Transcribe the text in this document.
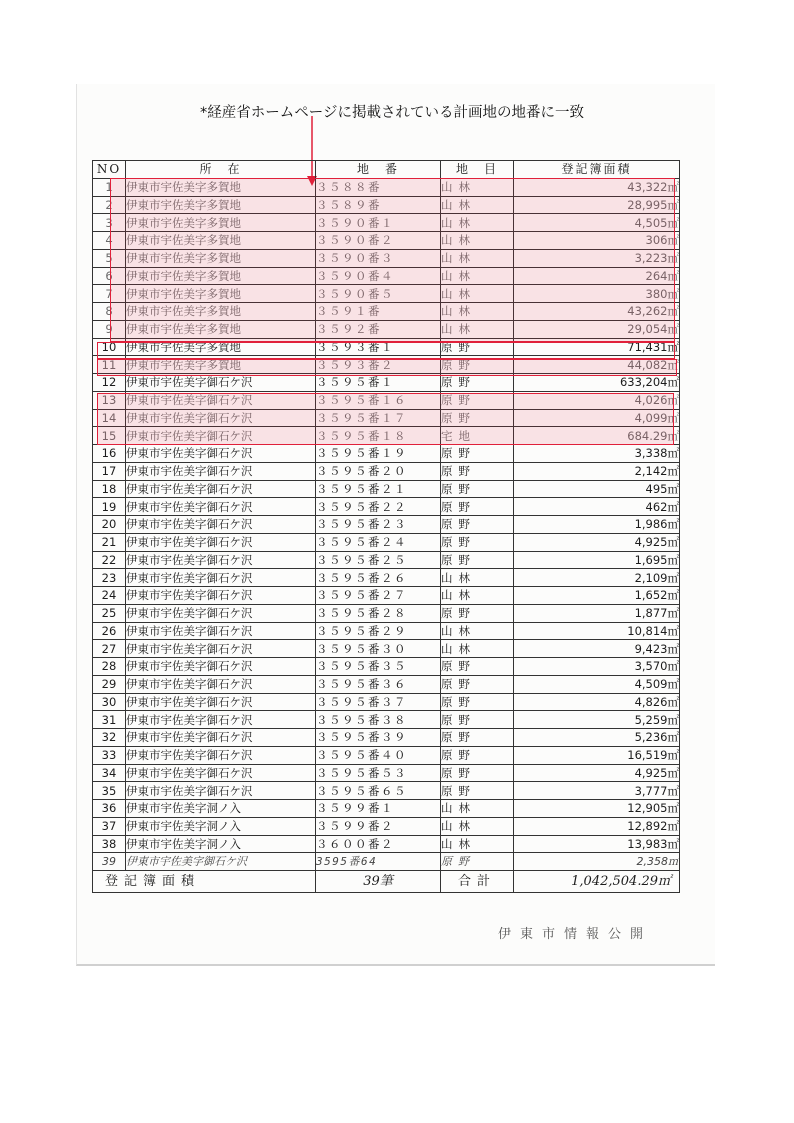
*経産省ホームページに掲載されている計画地の地番に一致
NO	所　在	地　番	地　目	登記簿面積
1	伊東市宇佐美字多賀地	３５８８番	山林	43,322㎡
2	伊東市宇佐美字多賀地	３５８９番	山林	28,995㎡
3	伊東市宇佐美字多賀地	３５９０番１	山林	4,505㎡
4	伊東市宇佐美字多賀地	３５９０番２	山林	306㎡
5	伊東市宇佐美字多賀地	３５９０番３	山林	3,223㎡
6	伊東市宇佐美字多賀地	３５９０番４	山林	264㎡
7	伊東市宇佐美字多賀地	３５９０番５	山林	380㎡
8	伊東市宇佐美字多賀地	３５９１番	山林	43,262㎡
9	伊東市宇佐美字多賀地	３５９２番	山林	29,054㎡
10	伊東市宇佐美字多賀地	３５９３番１	原野	71,431㎡
11	伊東市宇佐美字多賀地	３５９３番２	原野	44,082㎡
12	伊東市宇佐美字御石ケ沢	３５９５番１	原野	633,204㎡
13	伊東市宇佐美字御石ケ沢	３５９５番１６	原野	4,026㎡
14	伊東市宇佐美字御石ケ沢	３５９５番１７	原野	4,099㎡
15	伊東市宇佐美字御石ケ沢	３５９５番１８	宅地	684.29㎡
16	伊東市宇佐美字御石ケ沢	３５９５番１９	原野	3,338㎡
17	伊東市宇佐美字御石ケ沢	３５９５番２０	原野	2,142㎡
18	伊東市宇佐美字御石ケ沢	３５９５番２１	原野	495㎡
19	伊東市宇佐美字御石ケ沢	３５９５番２２	原野	462㎡
20	伊東市宇佐美字御石ケ沢	３５９５番２３	原野	1,986㎡
21	伊東市宇佐美字御石ケ沢	３５９５番２４	原野	4,925㎡
22	伊東市宇佐美字御石ケ沢	３５９５番２５	原野	1,695㎡
23	伊東市宇佐美字御石ケ沢	３５９５番２６	山林	2,109㎡
24	伊東市宇佐美字御石ケ沢	３５９５番２７	山林	1,652㎡
25	伊東市宇佐美字御石ケ沢	３５９５番２８	原野	1,877㎡
26	伊東市宇佐美字御石ケ沢	３５９５番２９	山林	10,814㎡
27	伊東市宇佐美字御石ケ沢	３５９５番３０	山林	9,423㎡
28	伊東市宇佐美字御石ケ沢	３５９５番３５	原野	3,570㎡
29	伊東市宇佐美字御石ケ沢	３５９５番３６	原野	4,509㎡
30	伊東市宇佐美字御石ケ沢	３５９５番３７	原野	4,826㎡
31	伊東市宇佐美字御石ケ沢	３５９５番３８	原野	5,259㎡
32	伊東市宇佐美字御石ケ沢	３５９５番３９	原野	5,236㎡
33	伊東市宇佐美字御石ケ沢	３５９５番４０	原野	16,519㎡
34	伊東市宇佐美字御石ケ沢	３５９５番５３	原野	4,925㎡
35	伊東市宇佐美字御石ケ沢	３５９５番６５	原野	3,777㎡
36	伊東市宇佐美字洞ノ入	３５９９番１	山林	12,905㎡
37	伊東市宇佐美字洞ノ入	３５９９番２	山林	12,892㎡
38	伊東市宇佐美字洞ノ入	３６００番２	山林	13,983㎡
39	伊東市宇佐美字御石ケ沢	3595番64	原野	2,358㎡
登記簿面積		39筆	合計	1,042,504.29㎡
伊東市情報公開
